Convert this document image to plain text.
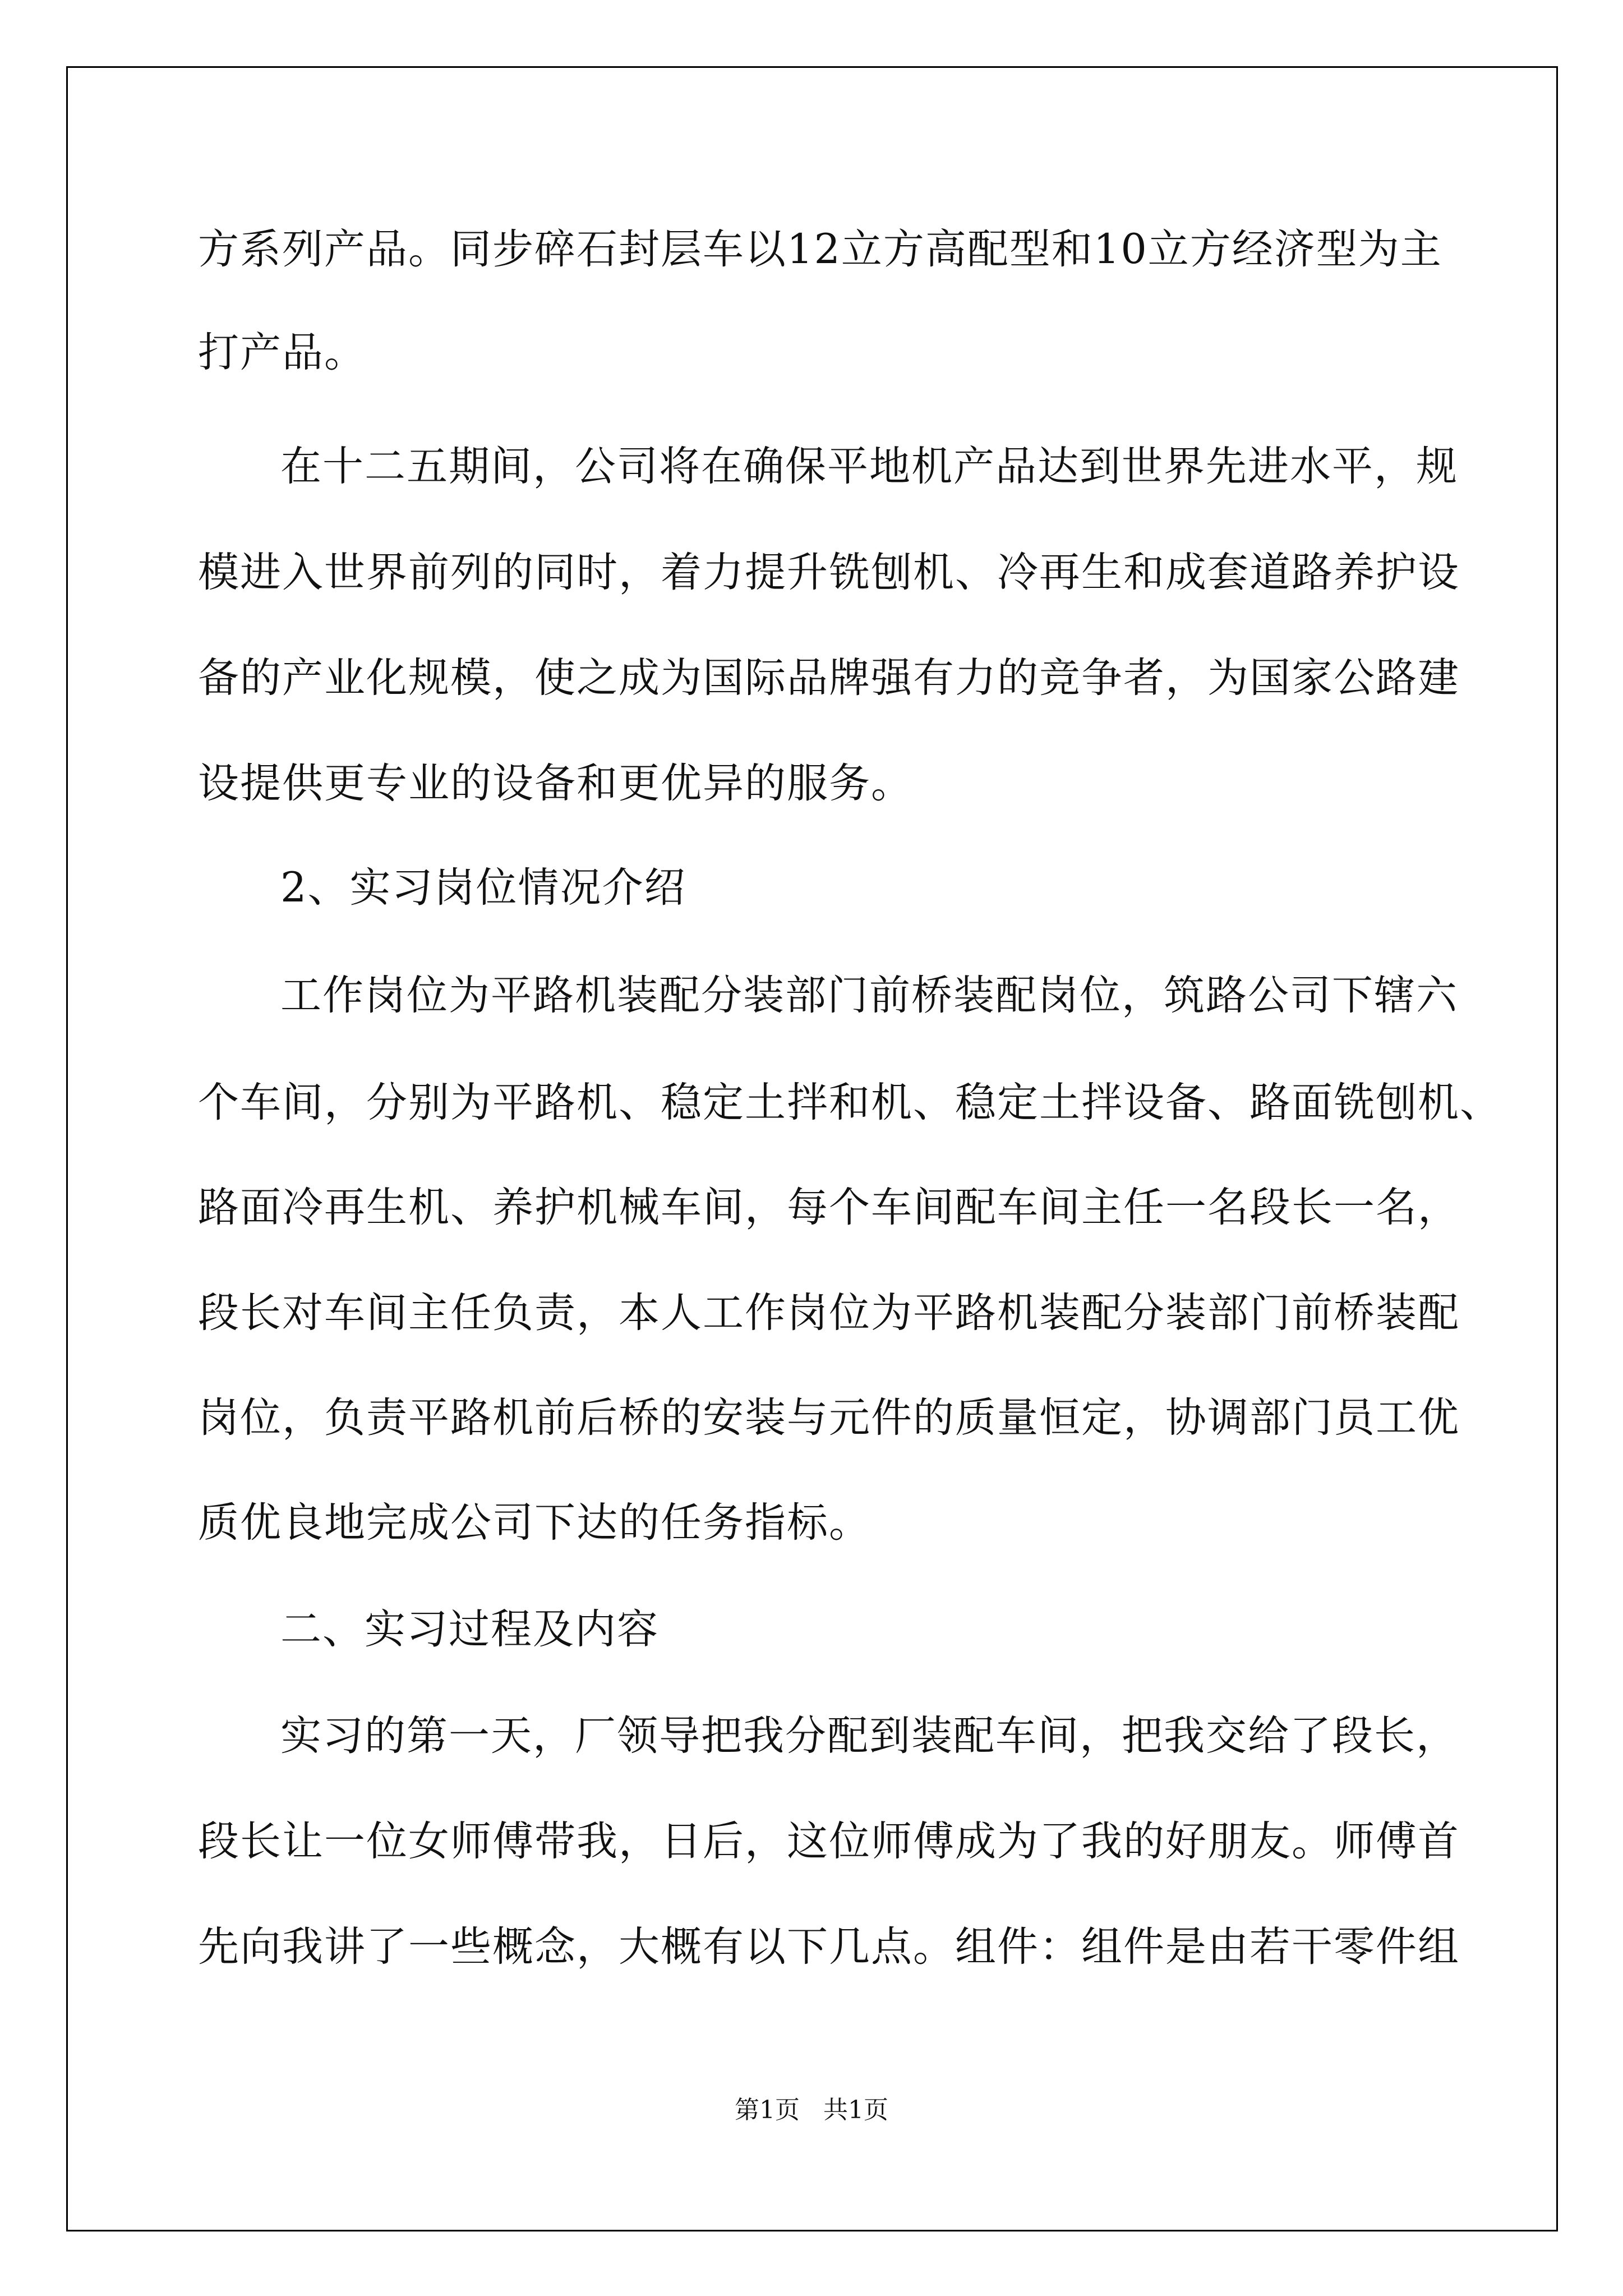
方系列产品。同步碎石封层车以12立方高配型和10立方经济型为主

打产品。

在十二五期间，公司将在确保平地机产品达到世界先进水平，规

模进入世界前列的同时，着力提升铣刨机、冷再生和成套道路养护设

备的产业化规模，使之成为国际品牌强有力的竞争者，为国家公路建

设提供更专业的设备和更优异的服务。

2、实习岗位情况介绍

工作岗位为平路机装配分装部门前桥装配岗位，筑路公司下辖六

个车间，分别为平路机、稳定土拌和机、稳定土拌设备、路面铣刨机、

路面冷再生机、养护机械车间，每个车间配车间主任一名段长一名，

段长对车间主任负责，本人工作岗位为平路机装配分装部门前桥装配

岗位，负责平路机前后桥的安装与元件的质量恒定，协调部门员工优

质优良地完成公司下达的任务指标。

二、实习过程及内容

实习的第一天，厂领导把我分配到装配车间，把我交给了段长，

段长让一位女师傅带我，日后，这位师傅成为了我的好朋友。师傅首

先向我讲了一些概念，大概有以下几点。组件：组件是由若干零件组

第1页   共1页
